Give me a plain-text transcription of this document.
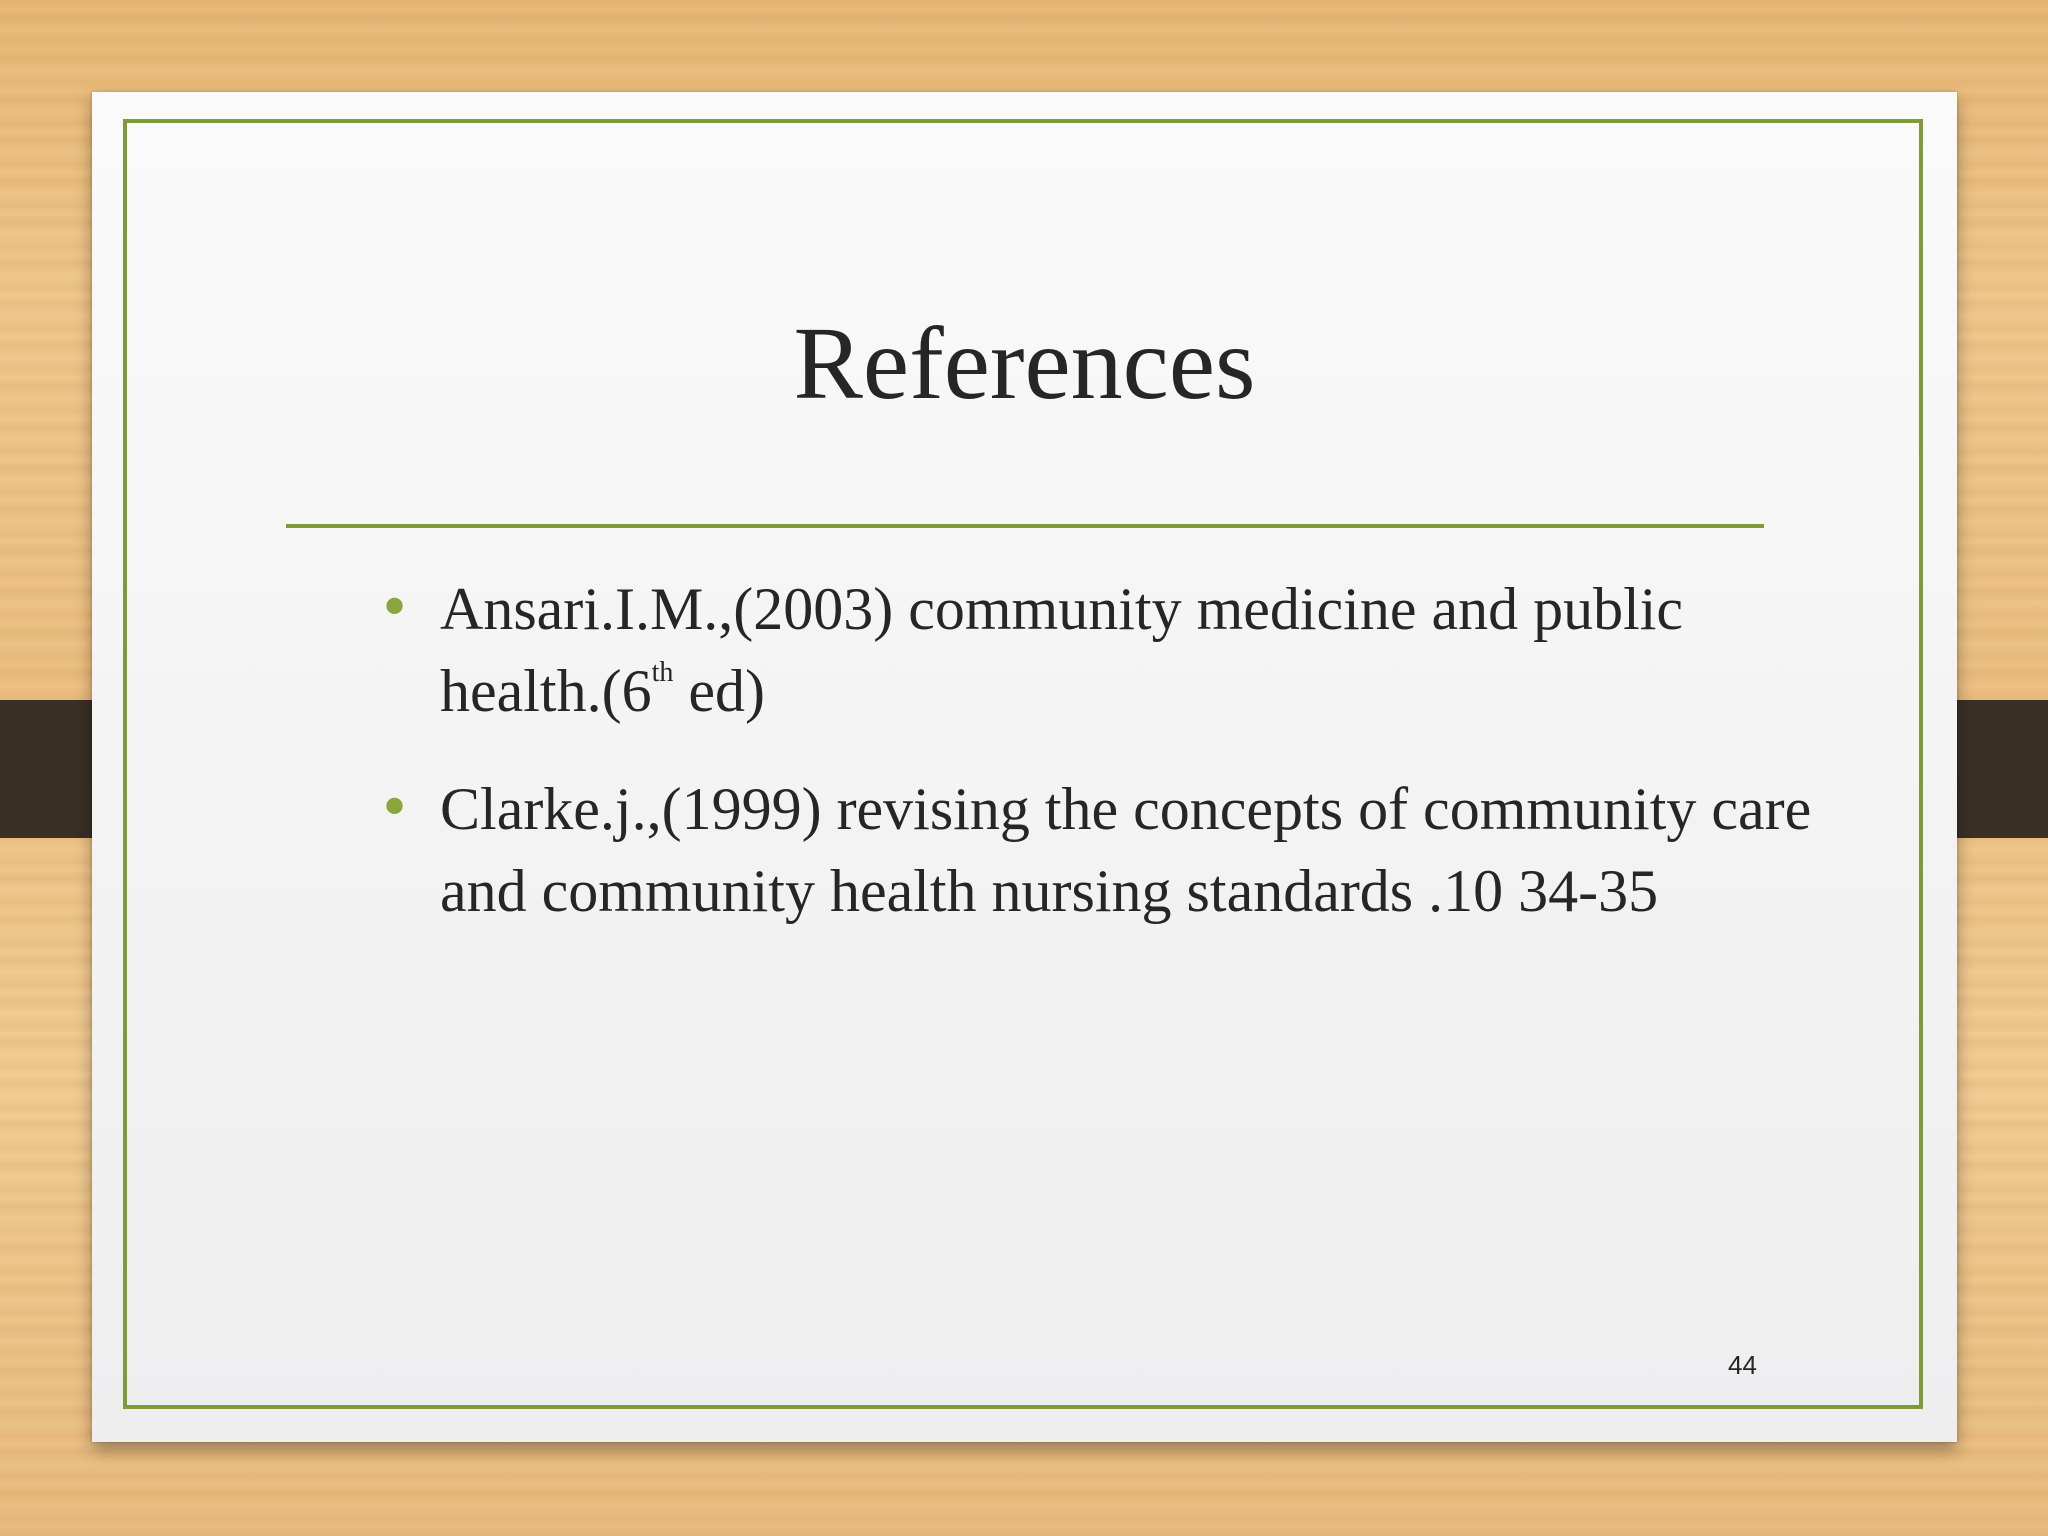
References
• Ansari.I.M.,(2003) community medicine and public health.(6th ed)
• Clarke.j.,(1999) revising the concepts of community care and community health nursing standards .10 34-35
44
